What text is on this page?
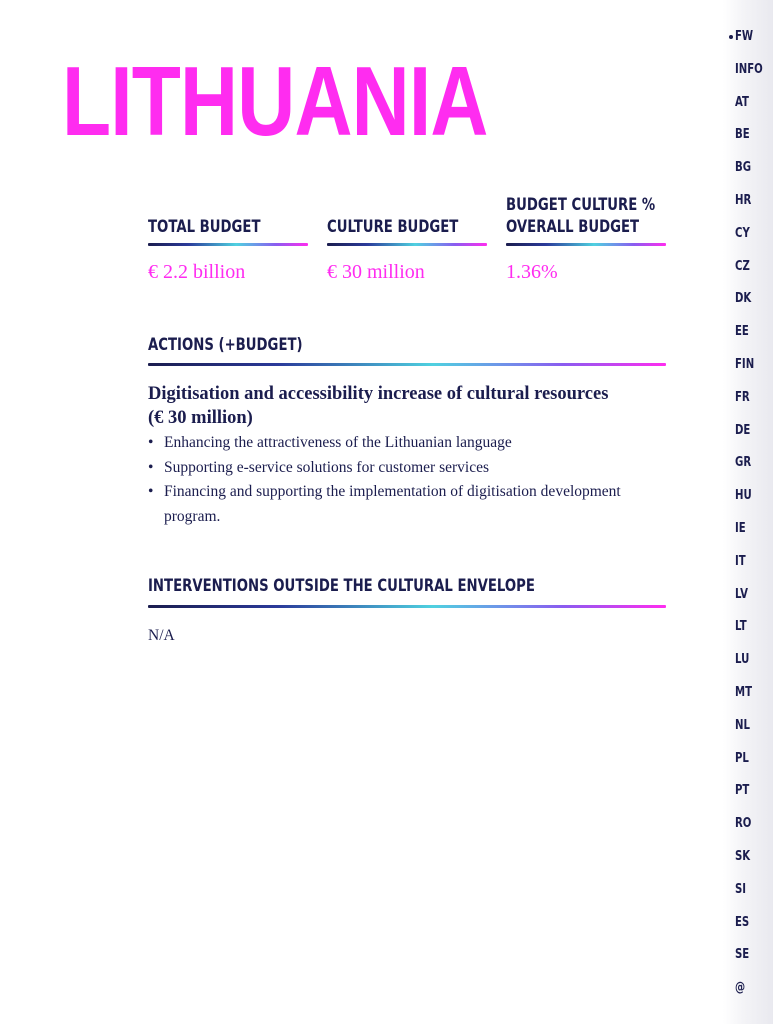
LITHUANIA
TOTAL BUDGET
€ 2.2 billion
CULTURE BUDGET
€ 30 million
BUDGET CULTURE %
OVERALL BUDGET
1.36%
ACTIONS (+BUDGET)
Digitisation and accessibility increase of cultural resources
(€ 30 million)
• Enhancing the attractiveness of the Lithuanian language
• Supporting e-service solutions for customer services
• Financing and supporting the implementation of digitisation development program.
INTERVENTIONS OUTSIDE THE CULTURAL ENVELOPE
N/A
FW
INFO
AT
BE
BG
HR
CY
CZ
DK
EE
FIN
FR
DE
GR
HU
IE
IT
LV
LT
LU
MT
NL
PL
PT
RO
SK
SI
ES
SE
@
